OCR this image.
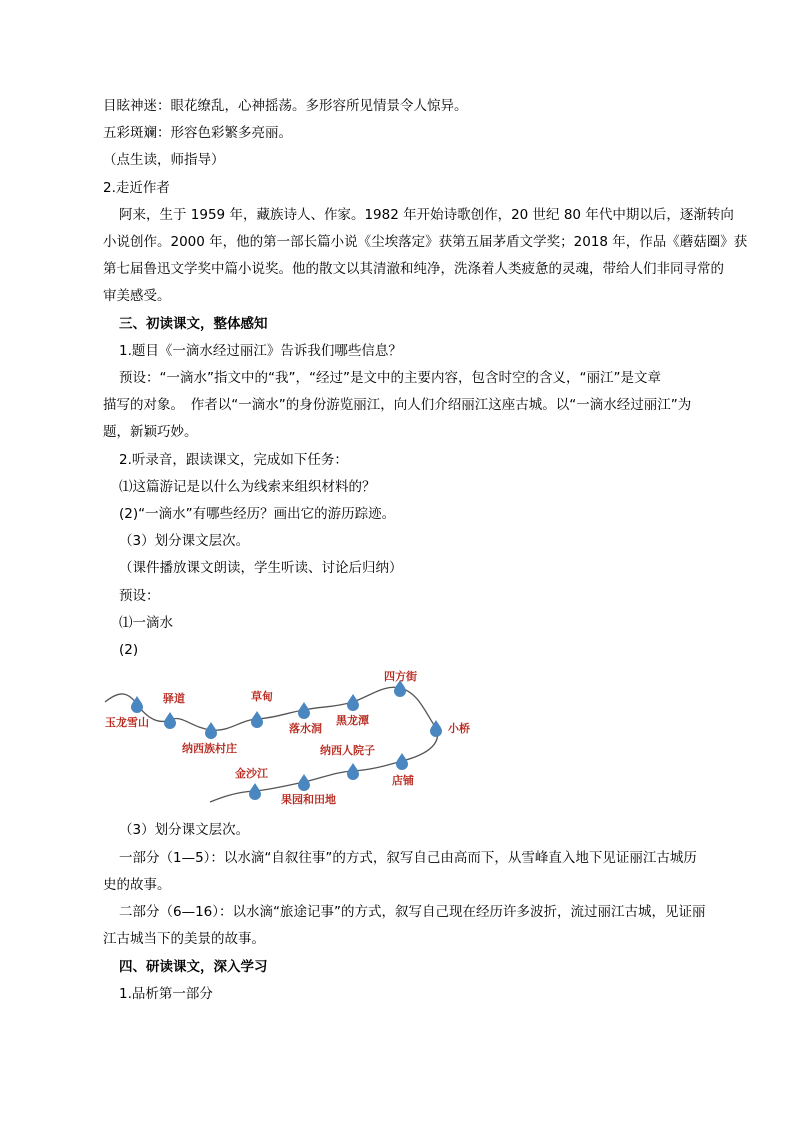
目眩神迷：眼花缭乱，心神摇荡。多形容所见情景令人惊异。
五彩斑斓：形容色彩繁多亮丽。
（点生读，师指导）
2.走近作者
阿来，生于 1959 年，藏族诗人、作家。1982 年开始诗歌创作，20 世纪 80 年代中期以后，逐渐转向
小说创作。2000 年，他的第一部长篇小说《尘埃落定》获第五届茅盾文学奖；2018 年，作品《蘑菇圈》获
第七届鲁迅文学奖中篇小说奖。他的散文以其清澈和纯净，洗涤着人类疲惫的灵魂，带给人们非同寻常的
审美感受。
三、初读课文，整体感知
1.题目《一滴水经过丽江》告诉我们哪些信息？
预设：“一滴水”指文中的“我”，“经过”是文中的主要内容，包含时空的含义，“丽江”是文章
描写的对象。　作者以“一滴水”的身份游览丽江，向人们介绍丽江这座古城。以“一滴水经过丽江”为
题，新颖巧妙。
2.听录音，跟读课文，完成如下任务：
⑴这篇游记是以什么为线索来组织材料的？
(2)“一滴水”有哪些经历？画出它的游历踪迹。
（3）划分课文层次。
（课件播放课文朗读，学生听读、讨论后归纳）
预设：
⑴一滴水
(2)
玉龙雪山
驿道
纳西族村庄
草甸
落水洞
黑龙潭
四方街
小桥
店铺
纳西人院子
金沙江
果园和田地
（3）划分课文层次。
一部分（1—5）：以水滴“自叙往事”的方式，叙写自己由高而下，从雪峰直入地下见证丽江古城历
史的故事。
二部分（6—16）：以水滴“旅途记事”的方式，叙写自己现在经历许多波折，流过丽江古城，见证丽
江古城当下的美景的故事。
四、研读课文，深入学习
1.品析第一部分
